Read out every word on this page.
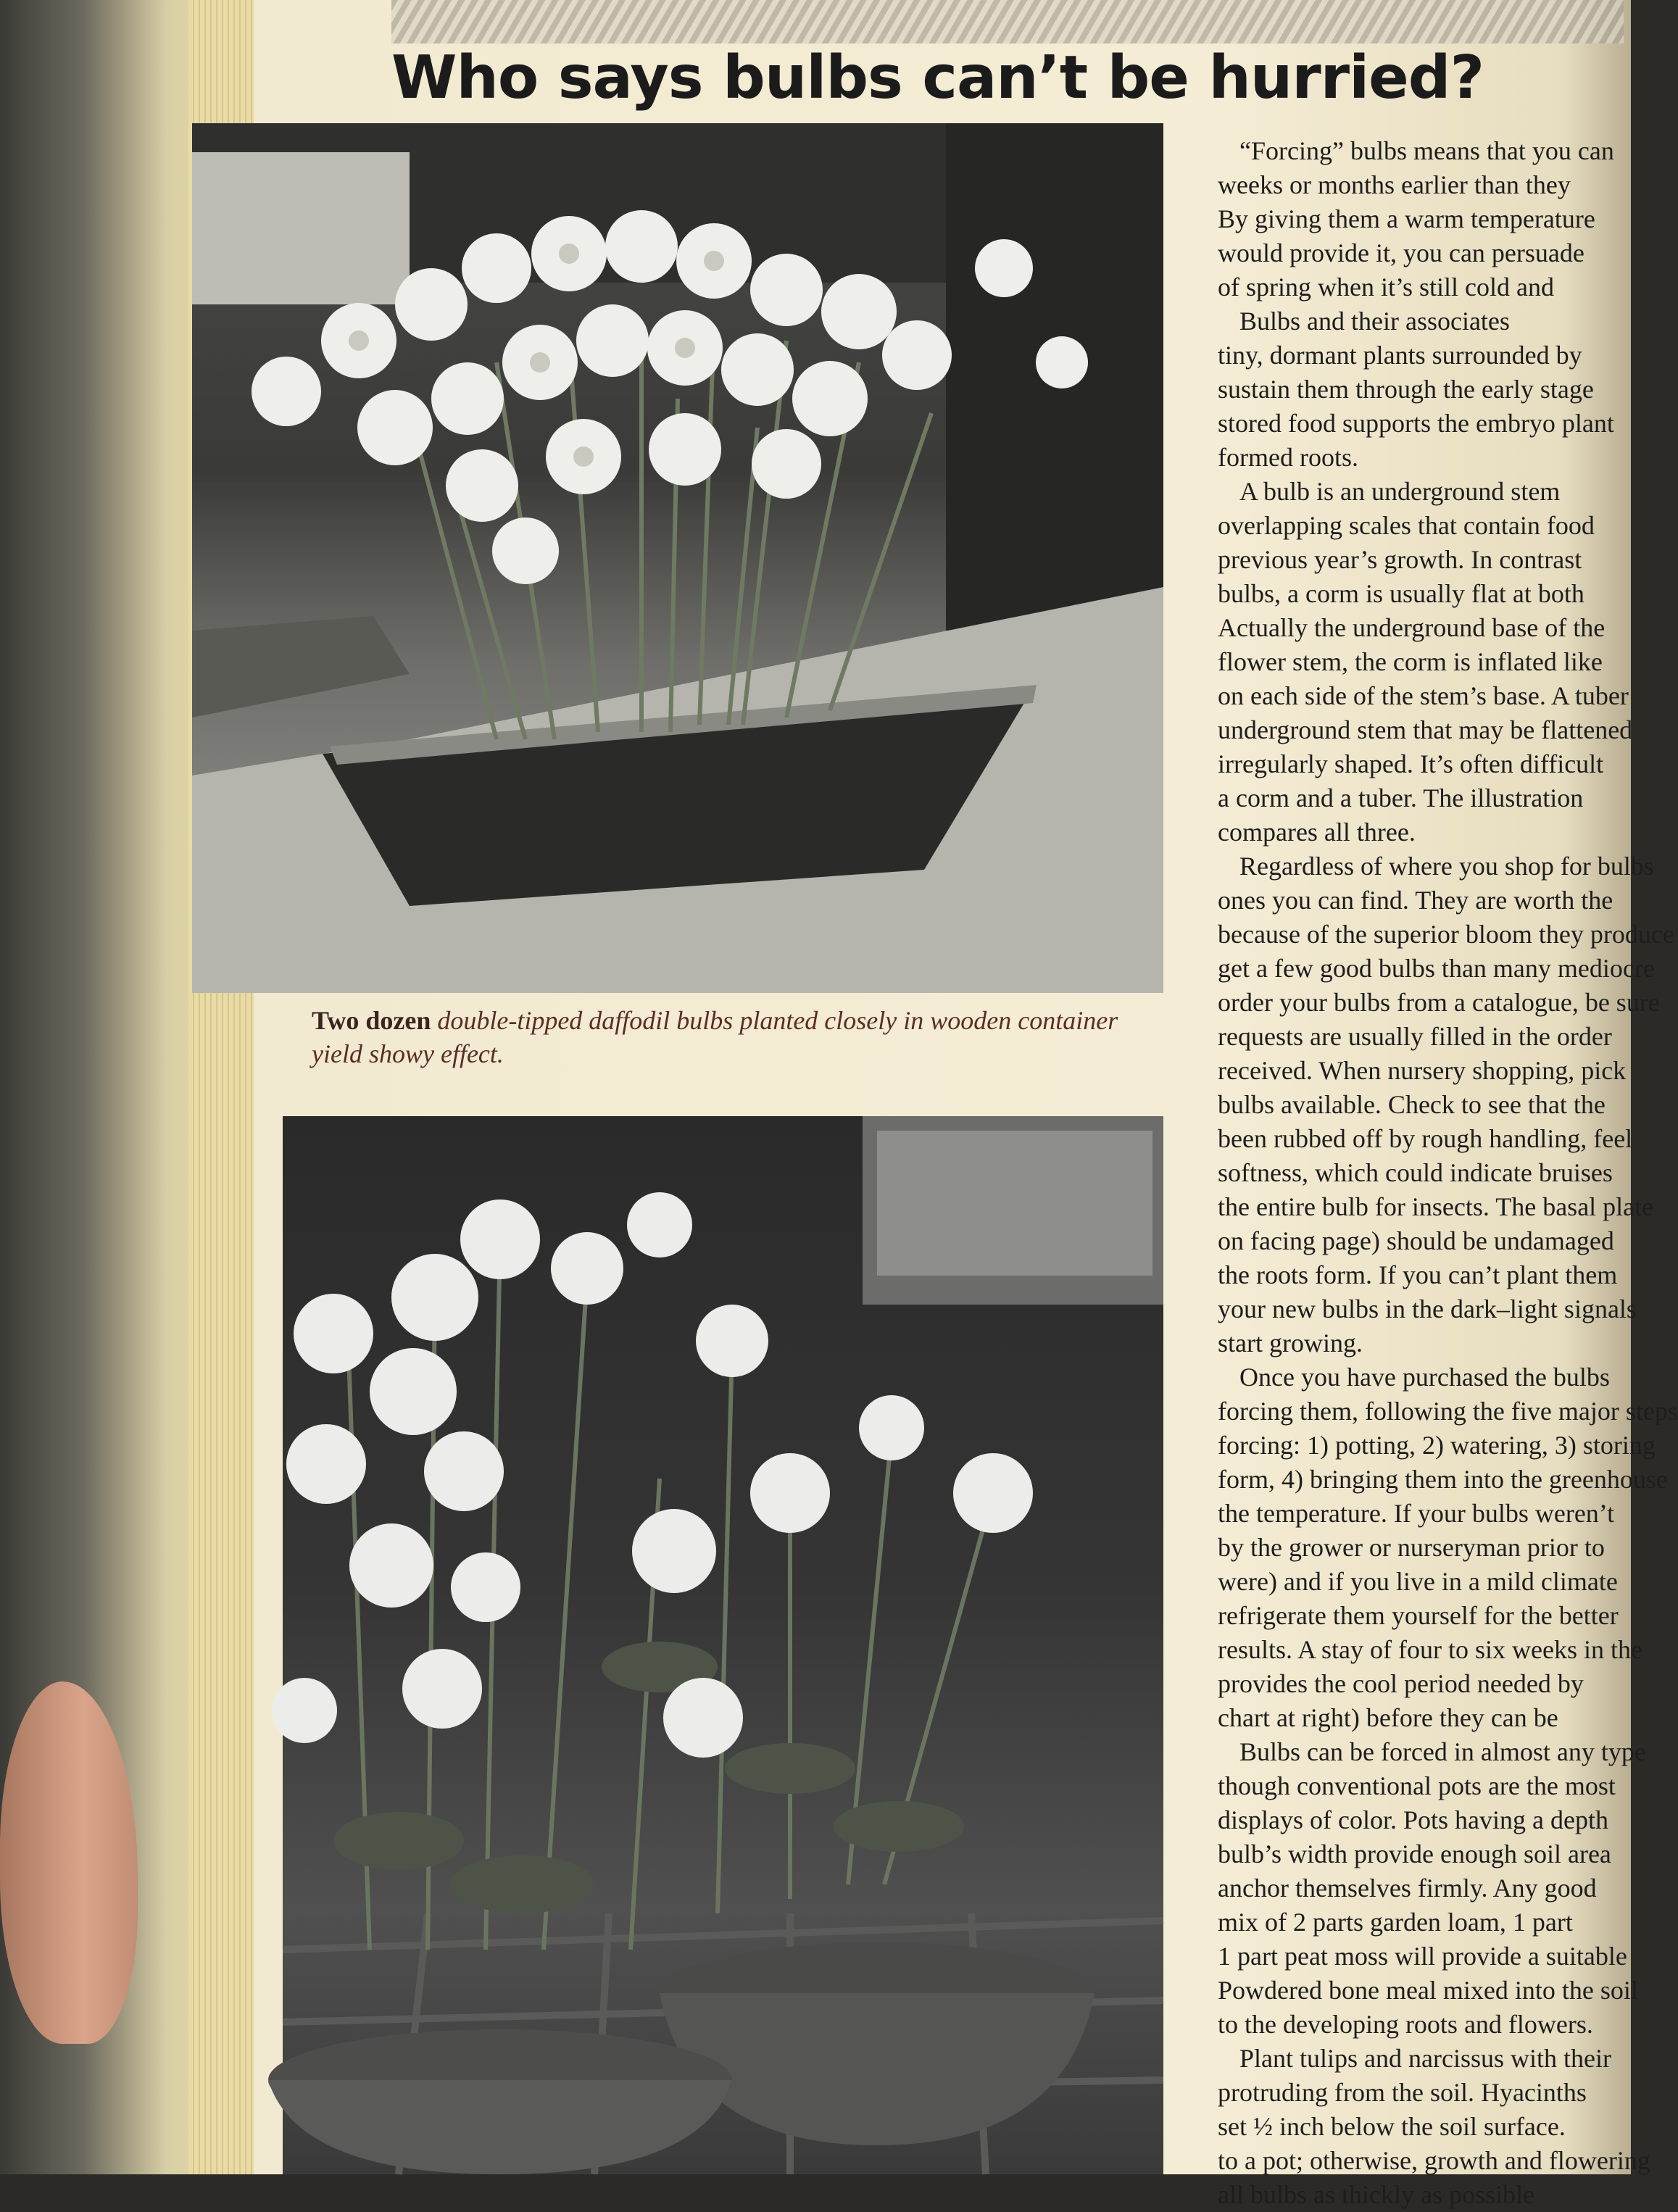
Who says bulbs can’t be hurried?

Two dozen double-tipped daffodil bulbs planted closely in wooden container yield showy effect.

“Forcing” bulbs means that you can

weeks or months earlier than they

By giving them a warm temperature

would provide it, you can persuade

of spring when it’s still cold and

Bulbs and their associates

tiny, dormant plants surrounded by

sustain them through the early stage

stored food supports the embryo plant

formed roots.

A bulb is an underground stem

overlapping scales that contain food

previous year’s growth. In contrast

bulbs, a corm is usually flat at both

Actually the underground base of the

flower stem, the corm is inflated like

on each side of the stem’s base. A tuber

underground stem that may be flattened

irregularly shaped. It’s often difficult

a corm and a tuber. The illustration

compares all three.

Regardless of where you shop for bulbs

ones you can find. They are worth the

because of the superior bloom they produce

get a few good bulbs than many mediocre

order your bulbs from a catalogue, be sure

requests are usually filled in the order

received. When nursery shopping, pick

bulbs available. Check to see that the

been rubbed off by rough handling, feel

softness, which could indicate bruises

the entire bulb for insects. The basal plate

on facing page) should be undamaged

the roots form. If you can’t plant them

your new bulbs in the dark–light signals

start growing.

Once you have purchased the bulbs

forcing them, following the five major steps

forcing: 1) potting, 2) watering, 3) storing

form, 4) bringing them into the greenhouse

the temperature. If your bulbs weren’t

by the grower or nurseryman prior to

were) and if you live in a mild climate

refrigerate them yourself for the better

results. A stay of four to six weeks in the

provides the cool period needed by

chart at right) before they can be

Bulbs can be forced in almost any type

though conventional pots are the most

displays of color. Pots having a depth

bulb’s width provide enough soil area

anchor themselves firmly. Any good

mix of 2 parts garden loam, 1 part

1 part peat moss will provide a suitable

Powdered bone meal mixed into the soil

to the developing roots and flowers.

Plant tulips and narcissus with their

protruding from the soil. Hyacinths

set ½ inch below the soil surface.

to a pot; otherwise, growth and flowering

all bulbs as thickly as possible
